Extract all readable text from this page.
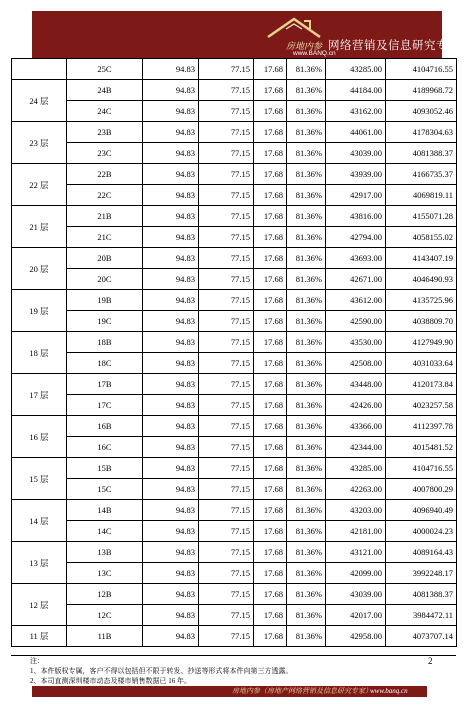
房地内参
www.BANQ.cn
网络营销及信息研究专家
	25C	94.83	77.15	17.68	81.36%	43285.00	4104716.55
24 层	24B	94.83	77.15	17.68	81.36%	44184.00	4189968.72
	24C	94.83	77.15	17.68	81.36%	43162.00	4093052.46
23 层	23B	94.83	77.15	17.68	81.36%	44061.00	4178304.63
	23C	94.83	77.15	17.68	81.36%	43039.00	4081388.37
22 层	22B	94.83	77.15	17.68	81.36%	43939.00	4166735.37
	22C	94.83	77.15	17.68	81.36%	42917.00	4069819.11
21 层	21B	94.83	77.15	17.68	81.36%	43816.00	4155071.28
	21C	94.83	77.15	17.68	81.36%	42794.00	4058155.02
20 层	20B	94.83	77.15	17.68	81.36%	43693.00	4143407.19
	20C	94.83	77.15	17.68	81.36%	42671.00	4046490.93
19 层	19B	94.83	77.15	17.68	81.36%	43612.00	4135725.96
	19C	94.83	77.15	17.68	81.36%	42590.00	4038809.70
18 层	18B	94.83	77.15	17.68	81.36%	43530.00	4127949.90
	18C	94.83	77.15	17.68	81.36%	42508.00	4031033.64
17 层	17B	94.83	77.15	17.68	81.36%	43448.00	4120173.84
	17C	94.83	77.15	17.68	81.36%	42426.00	4023257.58
16 层	16B	94.83	77.15	17.68	81.36%	43366.00	4112397.78
	16C	94.83	77.15	17.68	81.36%	42344.00	4015481.52
15 层	15B	94.83	77.15	17.68	81.36%	43285.00	4104716.55
	15C	94.83	77.15	17.68	81.36%	42263.00	4007800.29
14 层	14B	94.83	77.15	17.68	81.36%	43203.00	4096940.49
	14C	94.83	77.15	17.68	81.36%	42181.00	4000024.23
13 层	13B	94.83	77.15	17.68	81.36%	43121.00	4089164.43
	13C	94.83	77.15	17.68	81.36%	42099.00	3992248.17
12 层	12B	94.83	77.15	17.68	81.36%	43039.00	4081388.37
	12C	94.83	77.15	17.68	81.36%	42017.00	3984472.11
11 层	11B	94.83	77.15	17.68	81.36%	42958.00	4073707.14
注：
1、本件版权专属，客户不得以包括但不限于转发、抄送等形式将本件向第三方透露。
2、本司直测深圳楼市动态及楼市销售数据已 16 年。
2
房地内参（房地产网络营销及信息研究专家）
www.banq.cn
